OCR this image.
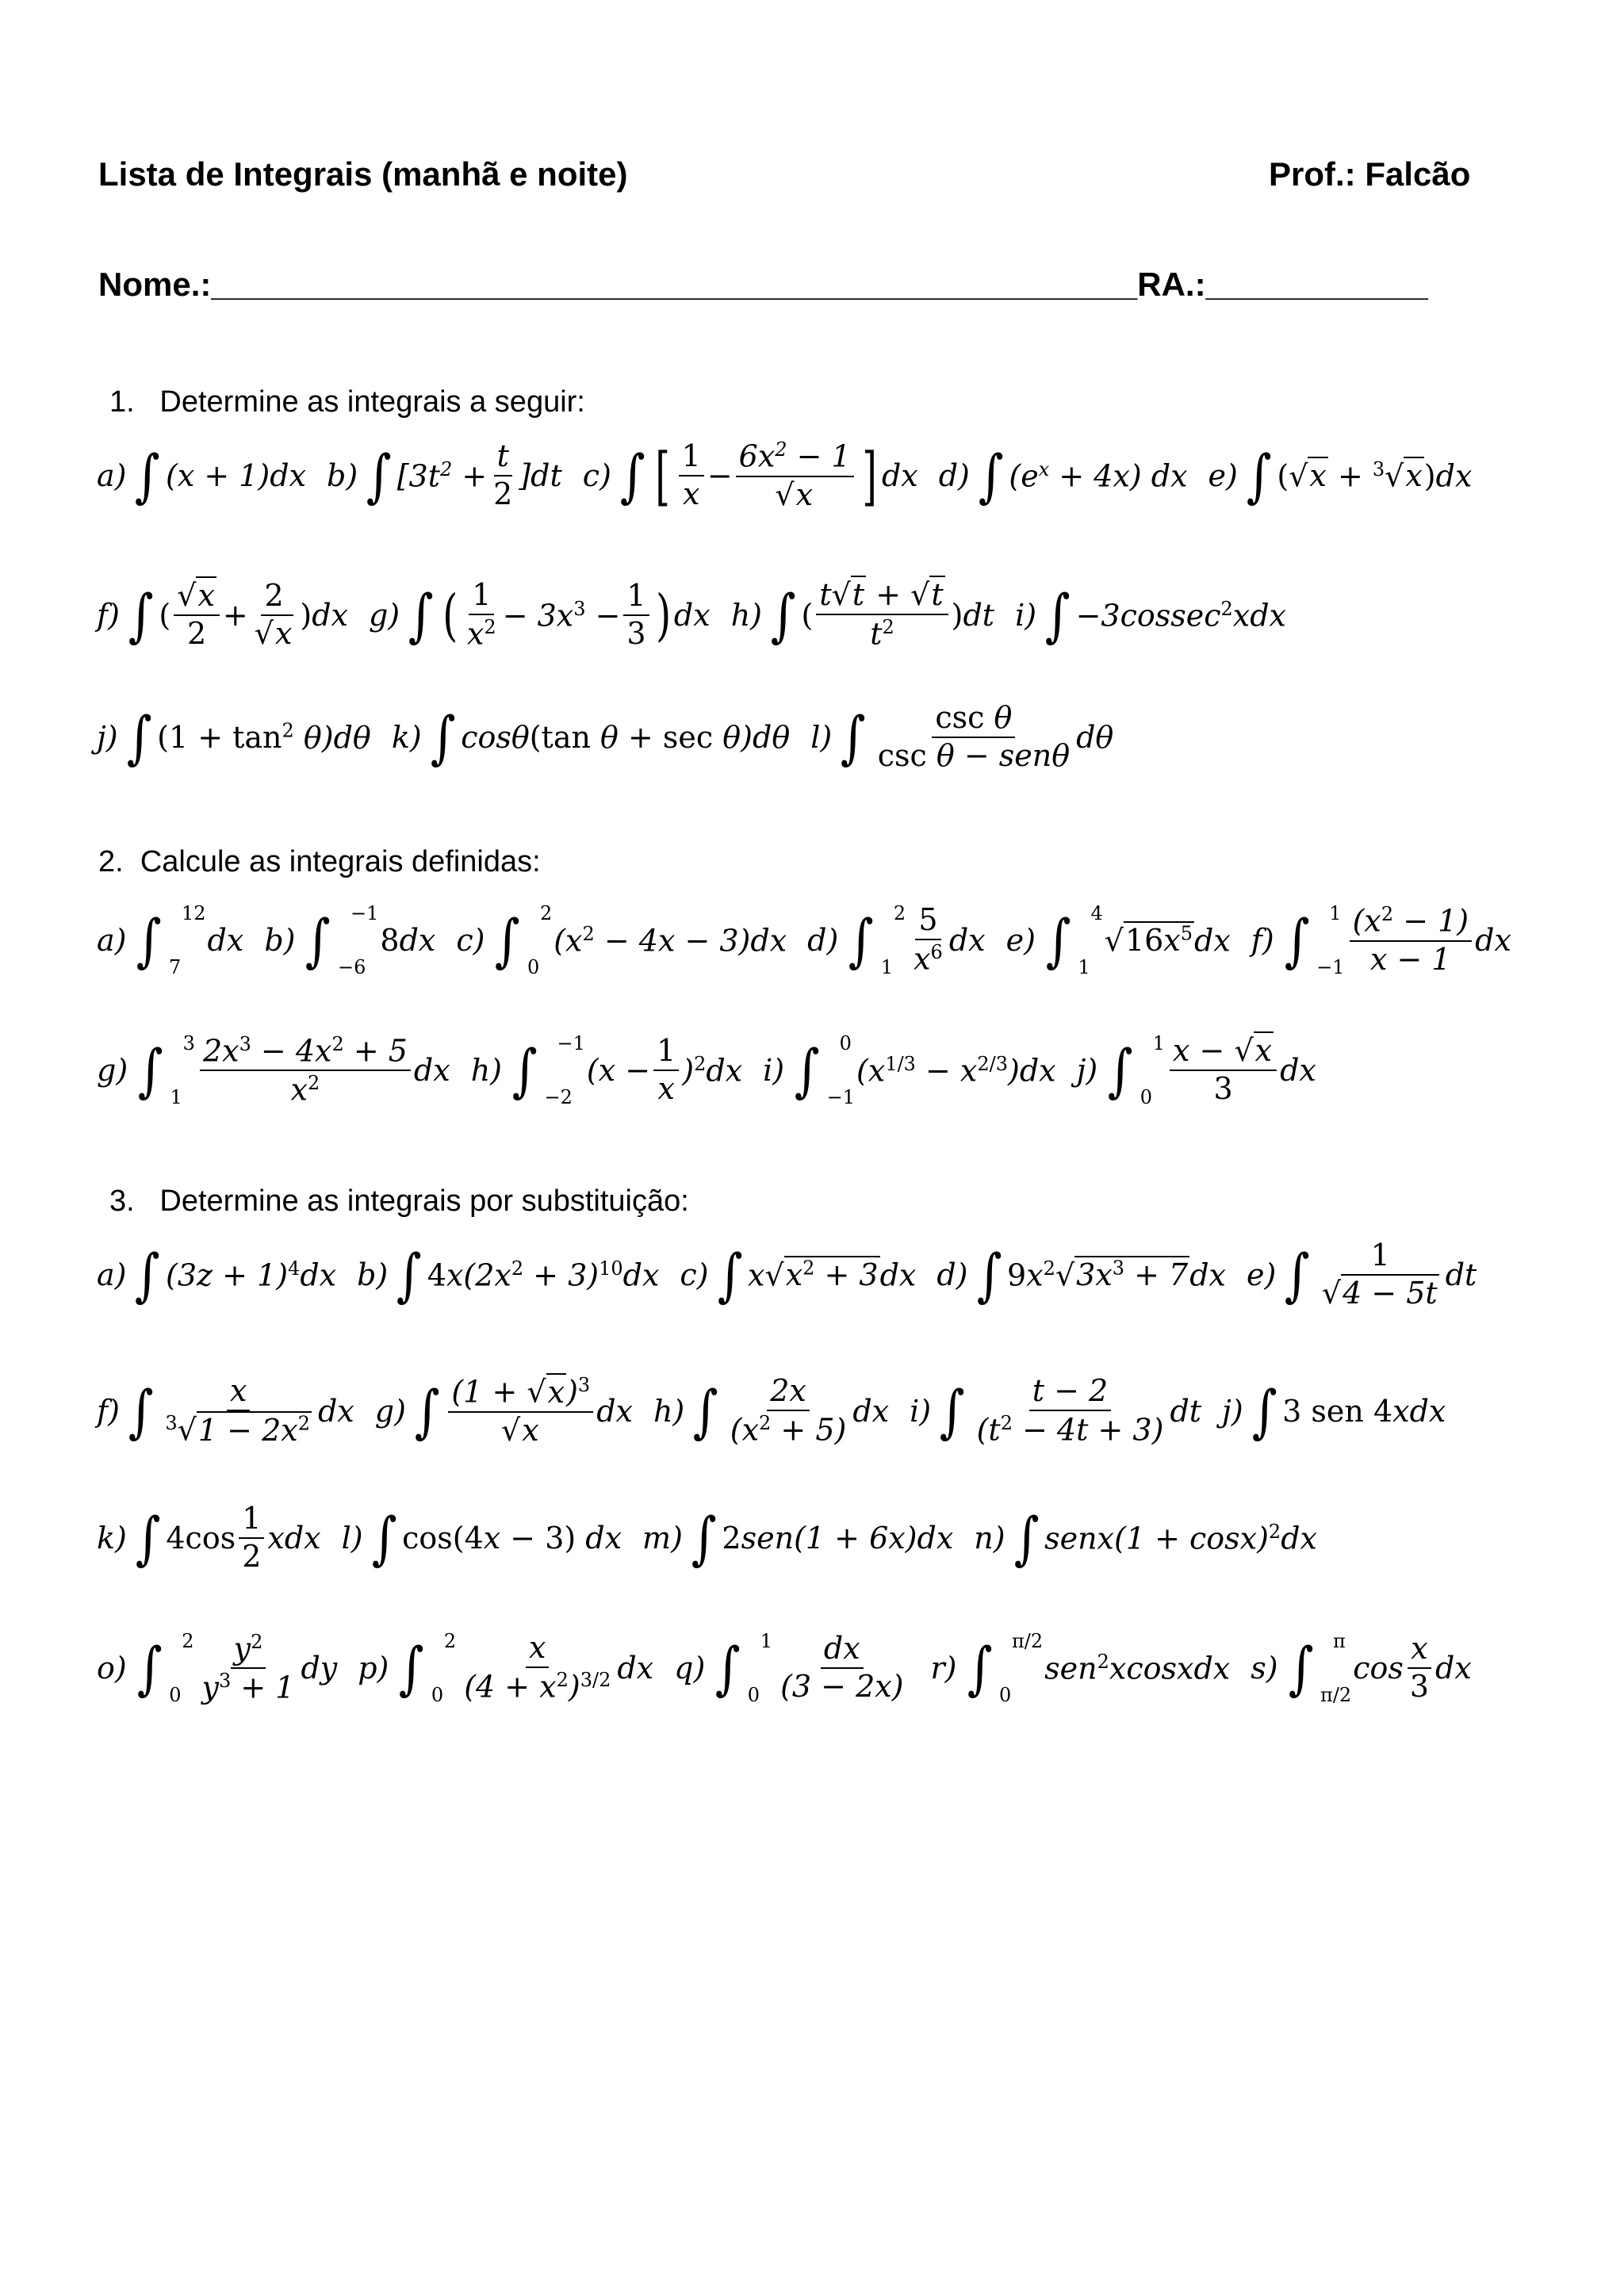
Lista de Integrais (manhã e noite)	Prof.: Falcão
Nome.:__________________________________________________RA.:____________
1. Determine as integrais a seguir:
a) ∫ (x + 1)dx b) ∫ $[3t^2 + \frac{t}{2} ]dt$ c) ∫ [ $\frac{1}{x} - \frac{6x^2 - 1}{√x}$ ] dx d) ∫ $(e^x + 4x)$ dx e) ∫ (√x + $^3$√x)dx
f) ∫ ( $\frac{√x}{2} + \frac{2}{√x} )dx$ g) ∫ ( $\frac{1}{x^2} - 3x^3 - \frac{1}{3}$ ) dx h) ∫ ( $\frac{t√t + √t}{t^2} )dt$ i) ∫ −3cossec$^2$xdx
j) ∫ $(1 + \tan^2 \theta)d\theta$ k) ∫ cosθ(tan θ + sec θ)dθ l) ∫ $\frac{\text{csc θ}}{\text{csc θ − senθ}}$ dθ
2. Calcule as integrais definidas:
a) ∫ 12
7
dx b) ∫ −1
−6
8dx c) ∫ 2
0
$(x^2 - 4x - 3)dx$ d) ∫ 2
$1 \frac{5}{x^6}$ dx e) ∫ 4
1
$√16x^5dx$ f) ∫ 1
$-1 \frac{(x^2 - 1)}{x - 1}$ dx
g) ∫ 3
$1 \frac{2x^3 - 4x^2 + 5}{x^2}$ dx h) ∫ −1
−2
$(x - \frac{1}{x} )^2dx$ i) ∫ 0
−1
$(x^{1/3} - x^{2/3})dx$ j) ∫ 1
$0 \frac{x - √x}{3}$ dx
3. Determine as integrais por substituição:
a) ∫ $(3z + 1)^4dx$ b) ∫ $4x(2x^2 + 3)^{10}dx$ c) ∫ $x√x^2 + 3dx$ d) ∫ $9x^2√3x^3 + 7dx$ e) ∫ $\frac{1}{√4 - 5t}$ dt
f) ∫ $\frac{x}{^3√1 - 2x^2}$ dx g) ∫ $\frac{(1 + √x)^3}{√x}$ dx h) ∫ $\frac{2x}{(x^2 + 5)}$ dx i) ∫ $\frac{t - 2}{(t^2 - 4t + 3)}$ dt j) ∫ 3 sen 4xdx
k) ∫ $4\cos \frac{1}{2}$ xdx l) ∫ cos(4x − 3) dx m) ∫ 2sen(1 + 6x)dx n) ∫ senx(1 + cosx)$^2$dx
o) ∫ 2
$0 \frac{y^2}{y^3 + 1}$ dy p) ∫ 2
$0 \frac{x}{(4 + x^2)^{3/2}}$ dx q) ∫ 1
$0 \frac{dx}{(3 - 2x)} r$) ∫ π/2
0
sen$^2$xcosxdx s) ∫ π
π/2
$\cos \frac{x}{3}$ dx
